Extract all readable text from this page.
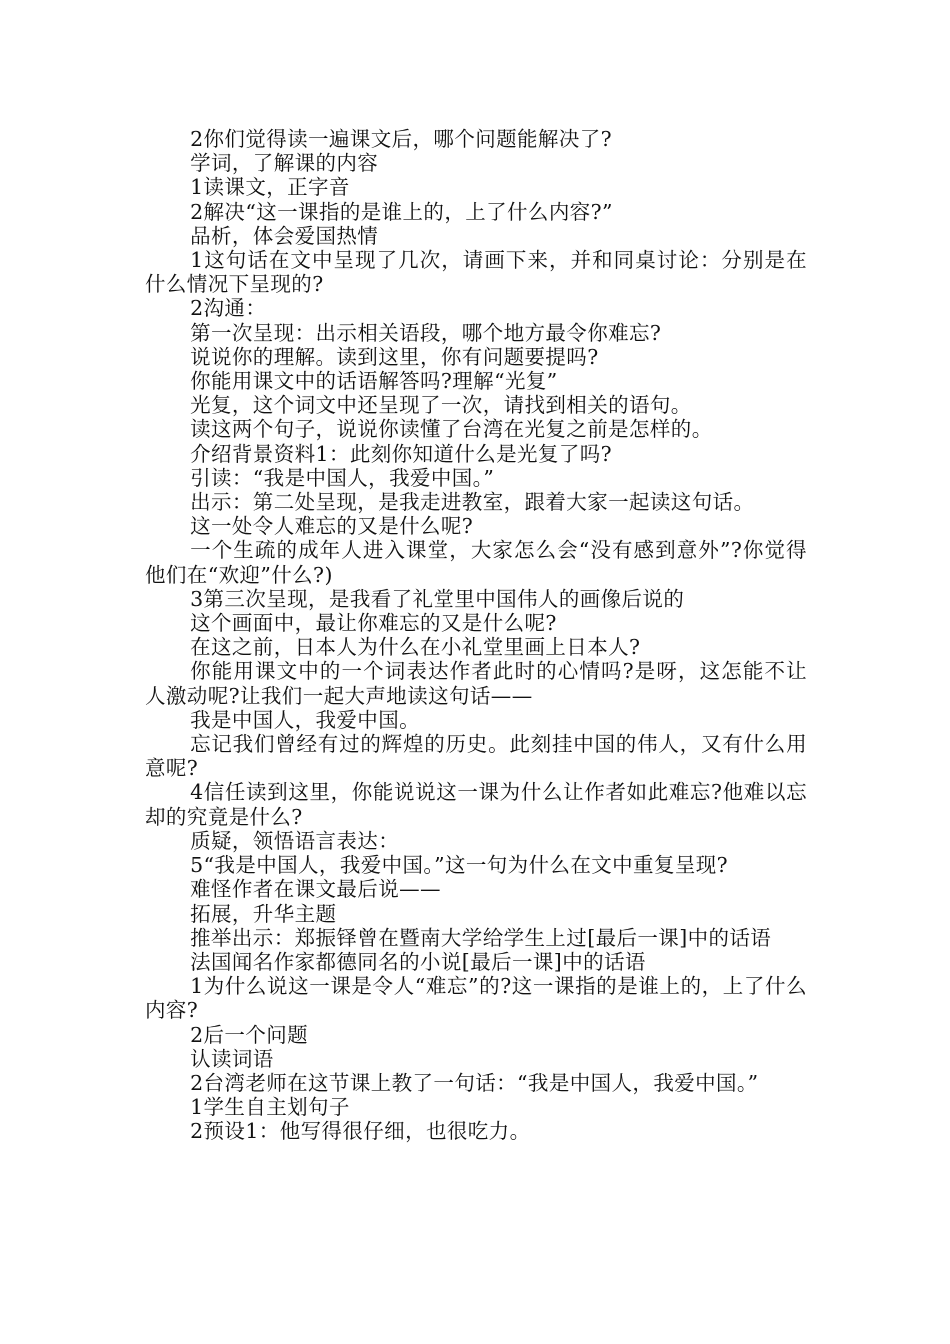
2你们觉得读一遍课文后，哪个问题能解决了?

学词，了解课的内容

1读课文，正字音

2解决“这一课指的是谁上的，上了什么内容?”

品析，体会爱国热情

1这句话在文中呈现了几次，请画下来，并和同桌讨论：分别是在什么情况下呈现的?

2沟通：

第一次呈现：出示相关语段，哪个地方最令你难忘?

说说你的理解。读到这里，你有问题要提吗?

你能用课文中的话语解答吗?理解“光复”

光复，这个词文中还呈现了一次，请找到相关的语句。

读这两个句子，说说你读懂了台湾在光复之前是怎样的。

介绍背景资料1：此刻你知道什么是光复了吗?

引读：“我是中国人，我爱中国。”

出示：第二处呈现，是我走进教室，跟着大家一起读这句话。

这一处令人难忘的又是什么呢?

一个生疏的成年人进入课堂，大家怎么会“没有感到意外”?你觉得他们在“欢迎”什么?)

3第三次呈现，是我看了礼堂里中国伟人的画像后说的

这个画面中，最让你难忘的又是什么呢?

在这之前，日本人为什么在小礼堂里画上日本人?

你能用课文中的一个词表达作者此时的心情吗?是呀，这怎能不让人激动呢?让我们一起大声地读这句话——

我是中国人，我爱中国。

忘记我们曾经有过的辉煌的历史。此刻挂中国的伟人，又有什么用意呢?

4信任读到这里，你能说说这一课为什么让作者如此难忘?他难以忘却的究竟是什么?

质疑，领悟语言表达：

5“我是中国人，我爱中国。”这一句为什么在文中重复呈现?

难怪作者在课文最后说——

拓展，升华主题

推举出示：郑振铎曾在暨南大学给学生上过[最后一课]中的话语

法国闻名作家都德同名的小说[最后一课]中的话语

1为什么说这一课是令人“难忘”的?这一课指的是谁上的，上了什么内容?

2后一个问题

认读词语

2台湾老师在这节课上教了一句话：“我是中国人，我爱中国。”

1学生自主划句子

2预设1：他写得很仔细，也很吃力。
